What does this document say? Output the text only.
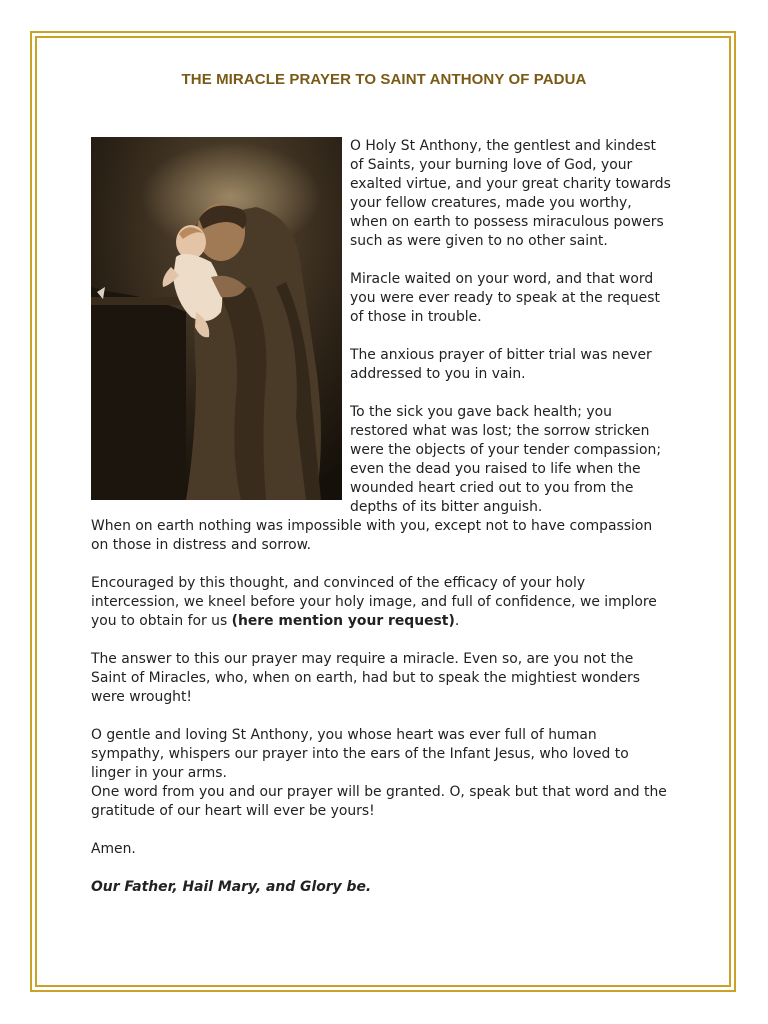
THE MIRACLE PRAYER TO SAINT ANTHONY OF PADUA

O Holy St Anthony, the gentlest and kindest of Saints, your burning love of God, your exalted virtue, and your great charity towards your fellow creatures, made you worthy, when on earth to possess miraculous powers such as were given to no other saint.

Miracle waited on your word, and that word you were ever ready to speak at the request of those in trouble.

The anxious prayer of bitter trial was never addressed to you in vain.

To the sick you gave back health; you restored what was lost; the sorrow stricken were the objects of your tender compassion; even the dead you raised to life when the wounded heart cried out to you from the depths of its bitter anguish.

When on earth nothing was impossible with you, except not to have compassion on those in distress and sorrow.

Encouraged by this thought, and convinced of the efficacy of your holy intercession, we kneel before your holy image, and full of confidence, we implore you to obtain for us (here mention your request).

The answer to this our prayer may require a miracle. Even so, are you not the Saint of Miracles, who, when on earth, had but to speak the mightiest wonders were wrought!

O gentle and loving St Anthony, you whose heart was ever full of human sympathy, whispers our prayer into the ears of the Infant Jesus, who loved to linger in your arms.

One word from you and our prayer will be granted. O, speak but that word and the gratitude of our heart will ever be yours!

Amen.

Our Father, Hail Mary, and Glory be.
